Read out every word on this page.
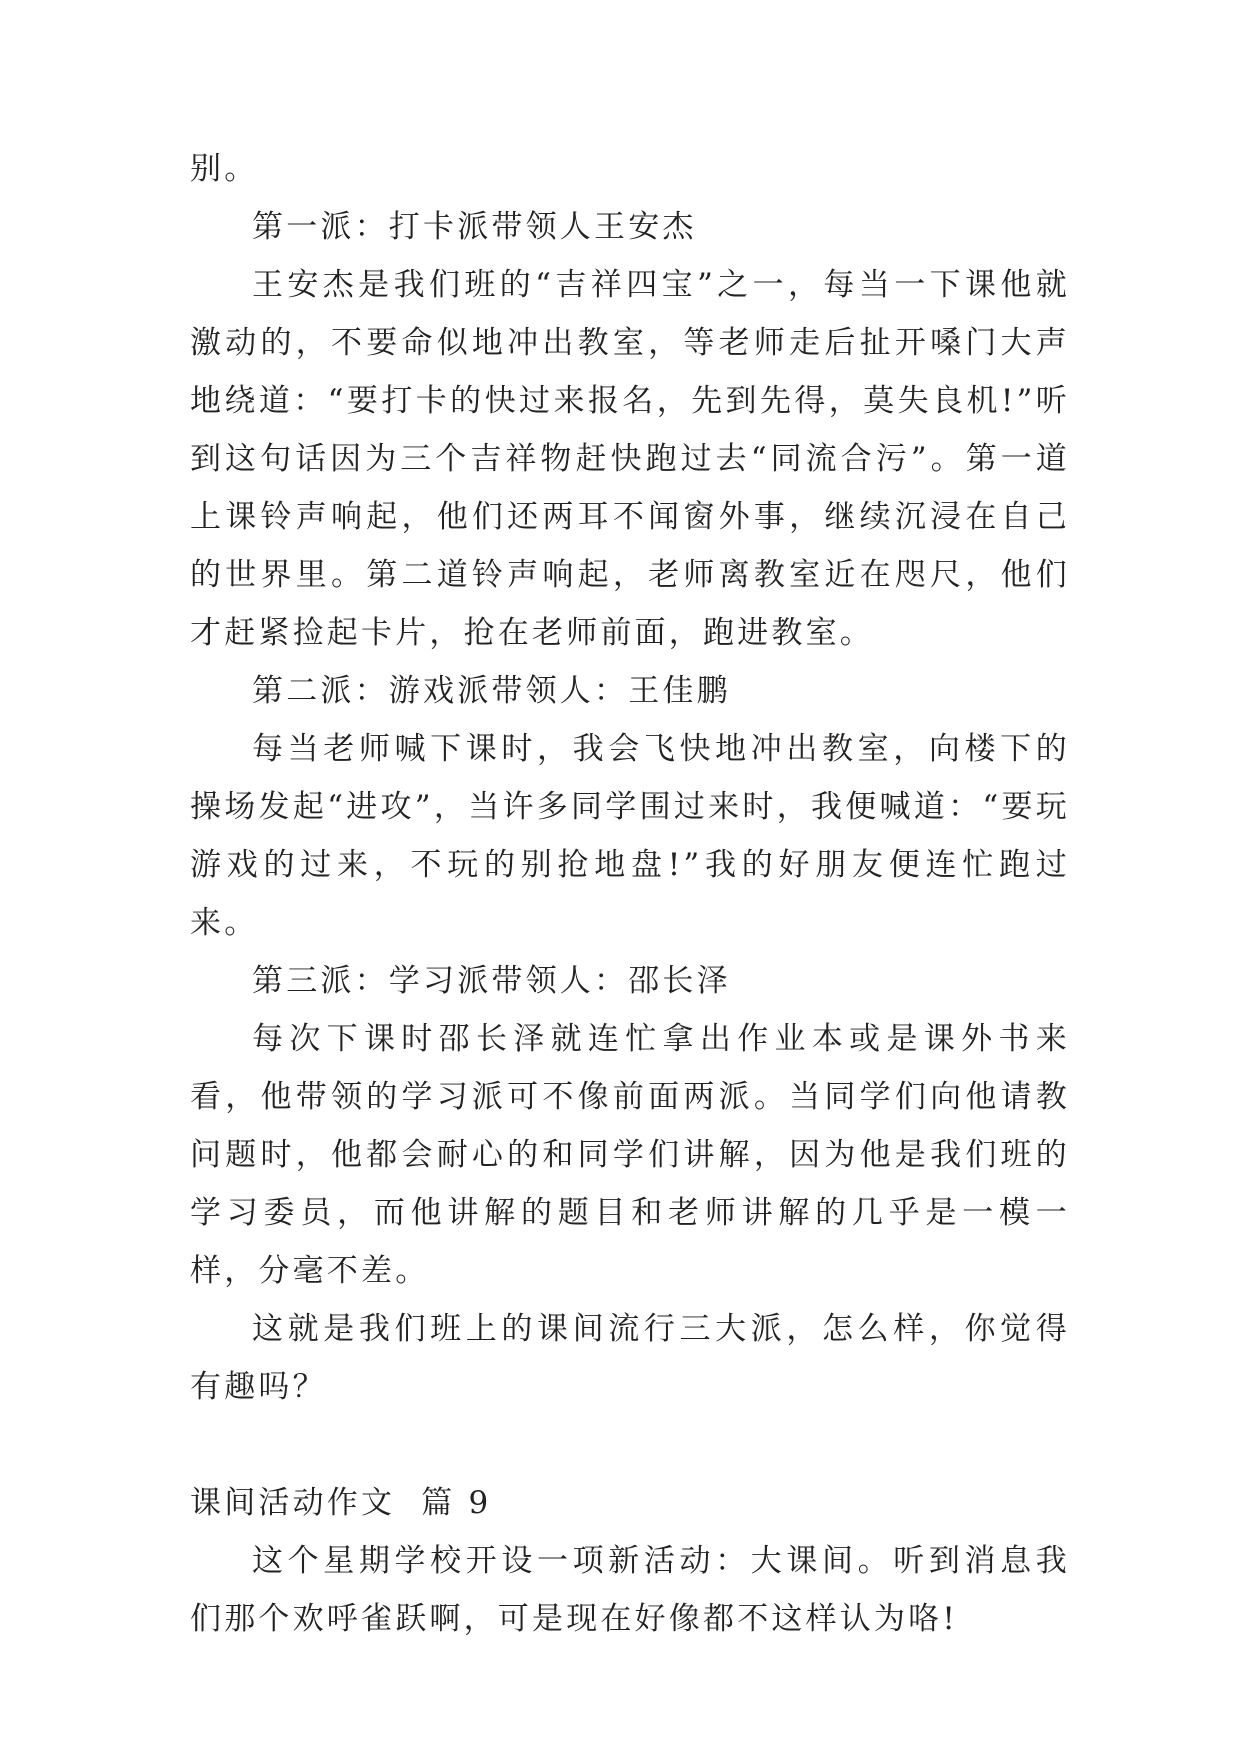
别。

第一派：打卡派带领人王安杰

王安杰是我们班的“吉祥四宝”之一，每当一下课他就激动的，不要命似地冲出教室，等老师走后扯开嗓门大声地绕道：“要打卡的快过来报名，先到先得，莫失良机!”听到这句话因为三个吉祥物赶快跑过去“同流合污”。第一道上课铃声响起，他们还两耳不闻窗外事，继续沉浸在自己的世界里。第二道铃声响起，老师离教室近在咫尺，他们才赶紧捡起卡片，抢在老师前面，跑进教室。

第二派：游戏派带领人：王佳鹏

每当老师喊下课时，我会飞快地冲出教室，向楼下的操场发起“进攻”，当许多同学围过来时，我便喊道：“要玩游戏的过来，不玩的别抢地盘!”我的好朋友便连忙跑过来。

第三派：学习派带领人：邵长泽

每次下课时邵长泽就连忙拿出作业本或是课外书来看，他带领的学习派可不像前面两派。当同学们向他请教问题时，他都会耐心的和同学们讲解，因为他是我们班的学习委员，而他讲解的题目和老师讲解的几乎是一模一样，分毫不差。

这就是我们班上的课间流行三大派，怎么样，你觉得有趣吗？

课间活动作文  篇 9

这个星期学校开设一项新活动：大课间。听到消息我们那个欢呼雀跃啊，可是现在好像都不这样认为咯!
